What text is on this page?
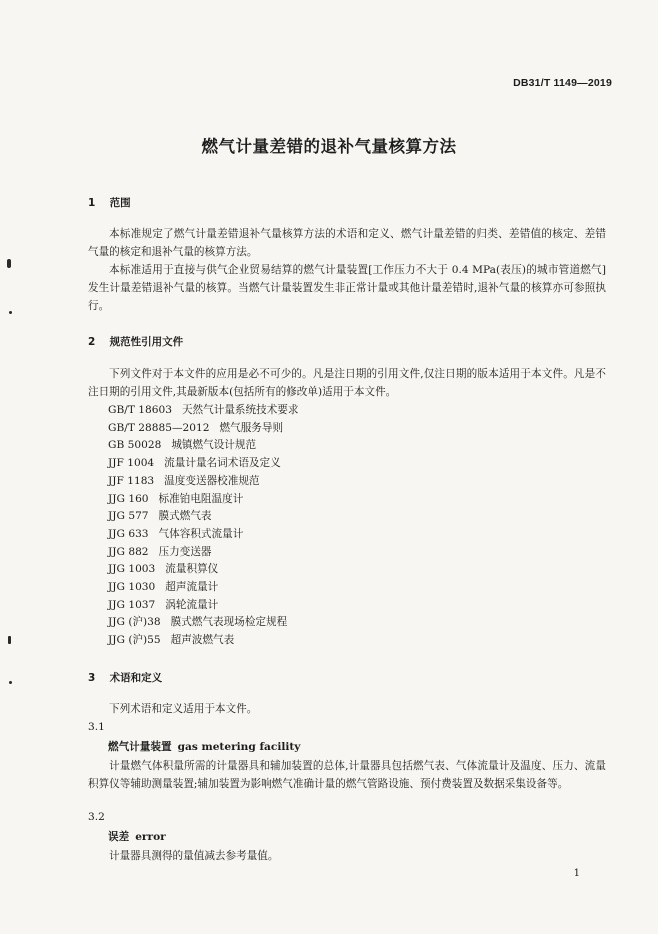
DB31/T 1149—2019
燃气计量差错的退补气量核算方法
1 范围
本标准规定了燃气计量差错退补气量核算方法的术语和定义、燃气计量差错的归类、差错值的核定、差错气量的核定和退补气量的核算方法。
本标准适用于直接与供气企业贸易结算的燃气计量装置[工作压力不大于 0.4 MPa(表压)的城市管道燃气]发生计量差错退补气量的核算。当燃气计量装置发生非正常计量或其他计量差错时,退补气量的核算亦可参照执行。
2 规范性引用文件
下列文件对于本文件的应用是必不可少的。凡是注日期的引用文件,仅注日期的版本适用于本文件。凡是不注日期的引用文件,其最新版本(包括所有的修改单)适用于本文件。
GB/T 18603 天然气计量系统技术要求
GB/T 28885—2012 燃气服务导则
GB 50028 城镇燃气设计规范
JJF 1004 流量计量名词术语及定义
JJF 1183 温度变送器校准规范
JJG 160 标准铂电阻温度计
JJG 577 膜式燃气表
JJG 633 气体容积式流量计
JJG 882 压力变送器
JJG 1003 流量积算仪
JJG 1030 超声流量计
JJG 1037 涡轮流量计
JJG (沪)38 膜式燃气表现场检定规程
JJG (沪)55 超声波燃气表
3 术语和定义
下列术语和定义适用于本文件。
3.1
燃气计量装置 gas metering facility
计量燃气体积量所需的计量器具和辅加装置的总体,计量器具包括燃气表、气体流量计及温度、压力、流量积算仪等辅助测量装置;辅加装置为影响燃气准确计量的燃气管路设施、预付费装置及数据采集设备等。
3.2
误差 error
计量器具测得的量值减去参考量值。
1
